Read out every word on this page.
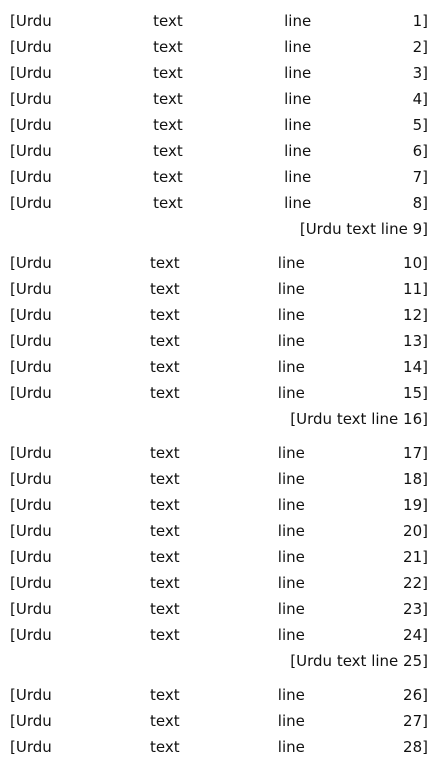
[Urdu text line 1]
[Urdu text line 2]
[Urdu text line 3]
[Urdu text line 4]
[Urdu text line 5]
[Urdu text line 6]
[Urdu text line 7]
[Urdu text line 8]
[Urdu text line 9]
[Urdu text line 10]
[Urdu text line 11]
[Urdu text line 12]
[Urdu text line 13]
[Urdu text line 14]
[Urdu text line 15]
[Urdu text line 16]
[Urdu text line 17]
[Urdu text line 18]
[Urdu text line 19]
[Urdu text line 20]
[Urdu text line 21]
[Urdu text line 22]
[Urdu text line 23]
[Urdu text line 24]
[Urdu text line 25]
[Urdu text line 26]
[Urdu text line 27]
[Urdu text line 28]
